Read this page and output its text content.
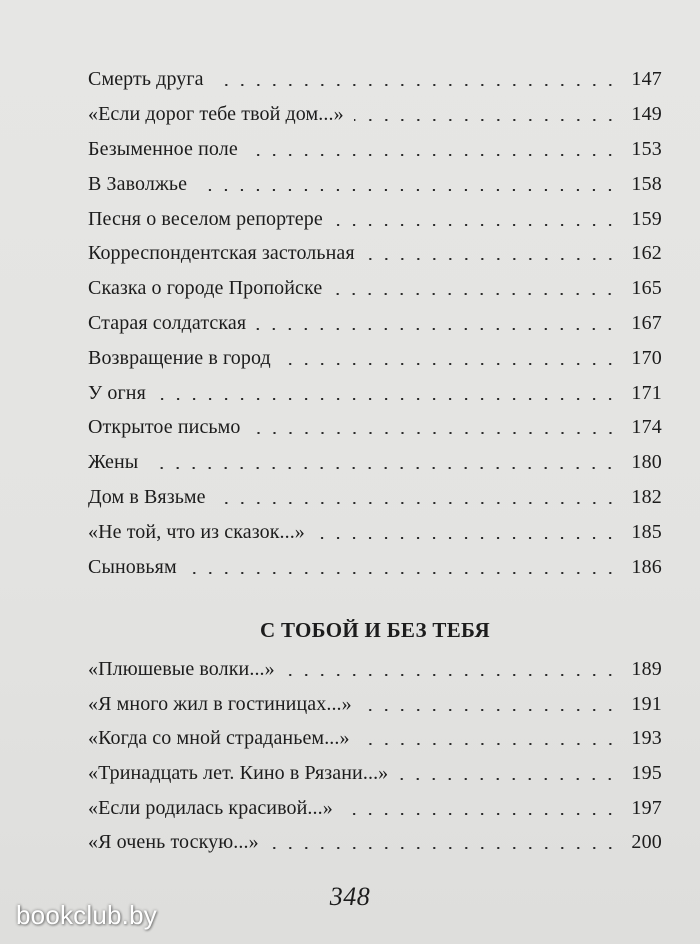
Смерть друга	147
«Если дорог тебе твой дом...»	149
Безыменное поле	153
В Заволжье	158
Песня о веселом репортере	159
Корреспондентская застольная	162
Сказка о городе Пропойске	165
Старая солдатская	167
Возвращение в город	170
У огня	171
Открытое письмо	174
Жены	180
Дом в Вязьме	182
«Не той, что из сказок...»	185
Сыновьям	186
С ТОБОЙ И БЕЗ ТЕБЯ
«Плюшевые волки...»	189
«Я много жил в гостиницах...»	191
«Когда со мной страданьем...»	193
«Тринадцать лет. Кино в Рязани...»	195
«Если родилась красивой...»	197
«Я очень тоскую...»	200
348
bookclub.by
